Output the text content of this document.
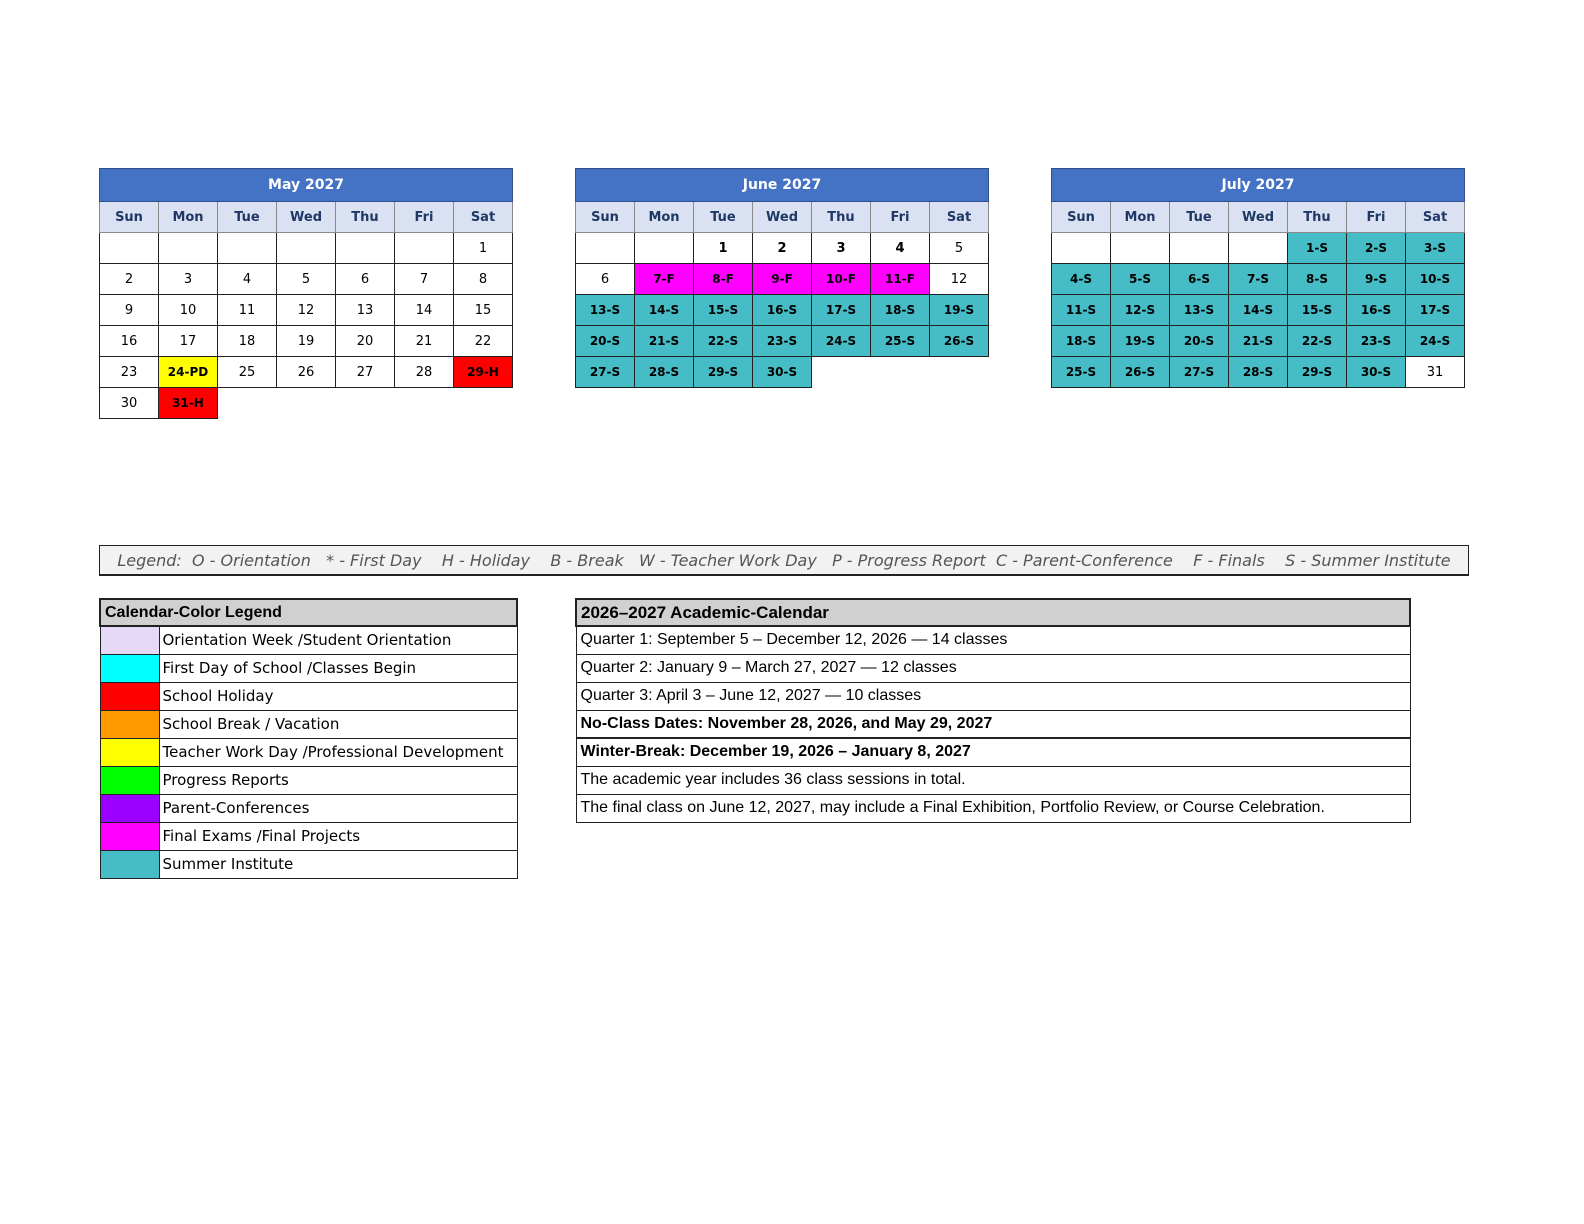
May 2027						
Sun	Mon	Tue	Wed	Thu	Fri	Sat
						1
2	3	4	5	6	7	8
9	10	11	12	13	14	15
16	17	18	19	20	21	22
23	24-PD	25	26	27	28	29-H
30	31-H					
June 2027						
Sun	Mon	Tue	Wed	Thu	Fri	Sat
		1	2	3	4	5
6	7-F	8-F	9-F	10-F	11-F	12
13-S	14-S	15-S	16-S	17-S	18-S	19-S
20-S	21-S	22-S	23-S	24-S	25-S	26-S
27-S	28-S	29-S	30-S			
July 2027						
Sun	Mon	Tue	Wed	Thu	Fri	Sat
				1-S	2-S	3-S
4-S	5-S	6-S	7-S	8-S	9-S	10-S
11-S	12-S	13-S	14-S	15-S	16-S	17-S
18-S	19-S	20-S	21-S	22-S	23-S	24-S
25-S	26-S	27-S	28-S	29-S	30-S	31
Legend:  O - Orientation   * - First Day    H - Holiday    B - Break   W - Teacher Work Day   P - Progress Report  C - Parent-Conference    F - Finals    S - Summer Institute
Calendar-Color Legend	
	Orientation Week /Student Orientation
	First Day of School /Classes Begin
	School Holiday
	School Break / Vacation
	Teacher Work Day /Professional Development
	Progress Reports
	Parent-Conferences
	Final Exams /Final Projects
	Summer Institute
2026–2027 Academic-Calendar
Quarter 1: September 5 – December 12, 2026 — 14 classes
Quarter 2: January 9 – March 27, 2027 — 12 classes
Quarter 3: April 3 – June 12, 2027 — 10 classes
No-Class Dates: November 28, 2026, and May 29, 2027
Winter-Break: December 19, 2026 – January 8, 2027
The academic year includes 36 class sessions in total.
The final class on June 12, 2027, may include a Final Exhibition, Portfolio Review, or Course Celebration.
